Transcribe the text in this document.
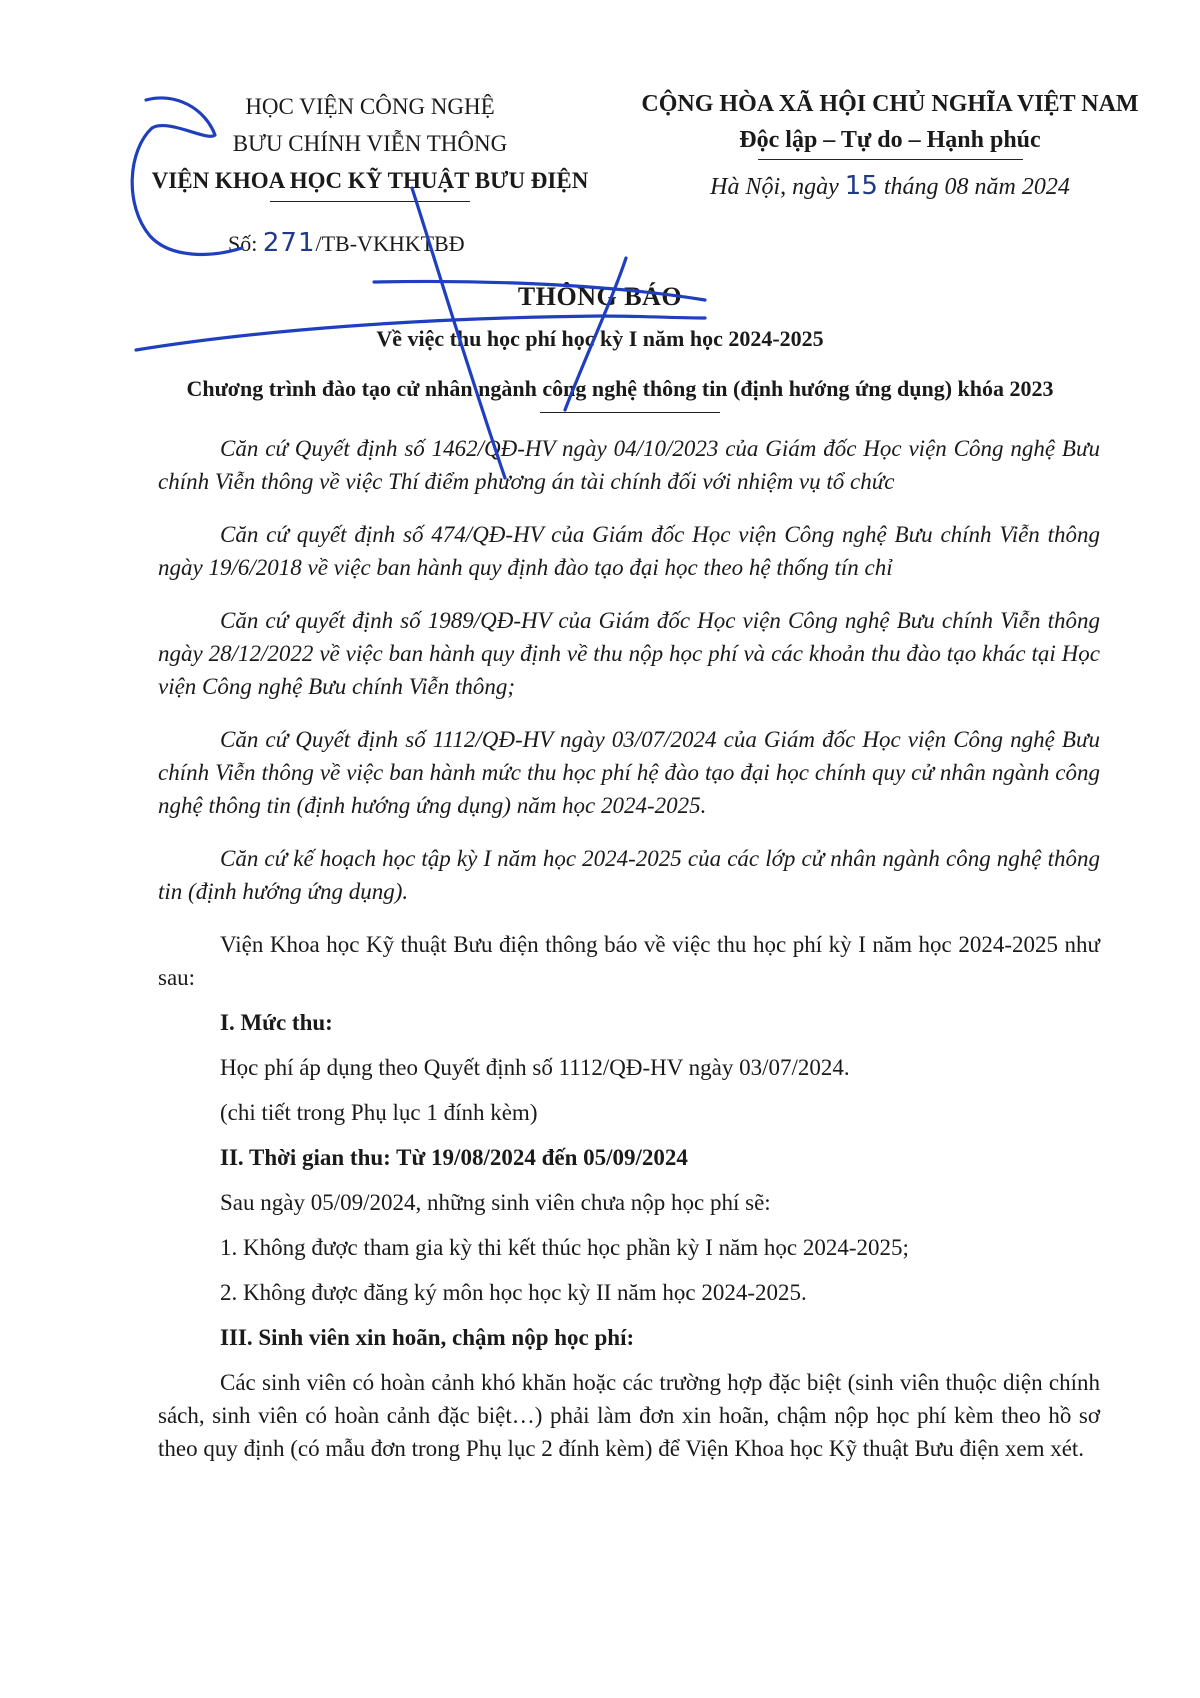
HỌC VIỆN CÔNG NGHỆ
BƯU CHÍNH VIỄN THÔNG
VIỆN KHOA HỌC KỸ THUẬT BƯU ĐIỆN
CỘNG HÒA XÃ HỘI CHỦ NGHĨA VIỆT NAM
Độc lập – Tự do – Hạnh phúc
Hà Nội, ngày 15 tháng 08 năm 2024
Số: 271/TB-VKHKTBĐ
THÔNG BÁO
Về việc thu học phí học kỳ I năm học 2024-2025
Chương trình đào tạo cử nhân ngành công nghệ thông tin (định hướng ứng dụng) khóa 2023

Căn cứ Quyết định số 1462/QĐ-HV ngày 04/10/2023 của Giám đốc Học viện Công nghệ Bưu chính Viễn thông về việc Thí điểm phương án tài chính đối với nhiệm vụ tổ chức

Căn cứ quyết định số 474/QĐ-HV của Giám đốc Học viện Công nghệ Bưu chính Viễn thông ngày 19/6/2018 về việc ban hành quy định đào tạo đại học theo hệ thống tín chỉ

Căn cứ quyết định số 1989/QĐ-HV của Giám đốc Học viện Công nghệ Bưu chính Viễn thông ngày 28/12/2022 về việc ban hành quy định về thu nộp học phí và các khoản thu đào tạo khác tại Học viện Công nghệ Bưu chính Viễn thông;

Căn cứ Quyết định số 1112/QĐ-HV ngày 03/07/2024 của Giám đốc Học viện Công nghệ Bưu chính Viễn thông về việc ban hành mức thu học phí hệ đào tạo đại học chính quy cử nhân ngành công nghệ thông tin (định hướng ứng dụng) năm học 2024-2025.

Căn cứ kế hoạch học tập kỳ I năm học 2024-2025 của các lớp cử nhân ngành công nghệ thông tin (định hướng ứng dụng).

Viện Khoa học Kỹ thuật Bưu điện thông báo về việc thu học phí kỳ I năm học 2024-2025 như sau:

I. Mức thu:
Học phí áp dụng theo Quyết định số 1112/QĐ-HV ngày 03/07/2024.
(chi tiết trong Phụ lục 1 đính kèm)
II. Thời gian thu: Từ 19/08/2024 đến 05/09/2024
Sau ngày 05/09/2024, những sinh viên chưa nộp học phí sẽ:
1. Không được tham gia kỳ thi kết thúc học phần kỳ I năm học 2024-2025;
2. Không được đăng ký môn học học kỳ II năm học 2024-2025.
III. Sinh viên xin hoãn, chậm nộp học phí:

Các sinh viên có hoàn cảnh khó khăn hoặc các trường hợp đặc biệt (sinh viên thuộc diện chính sách, sinh viên có hoàn cảnh đặc biệt…) phải làm đơn xin hoãn, chậm nộp học phí kèm theo hồ sơ theo quy định (có mẫu đơn trong Phụ lục 2 đính kèm) để Viện Khoa học Kỹ thuật Bưu điện xem xét.
